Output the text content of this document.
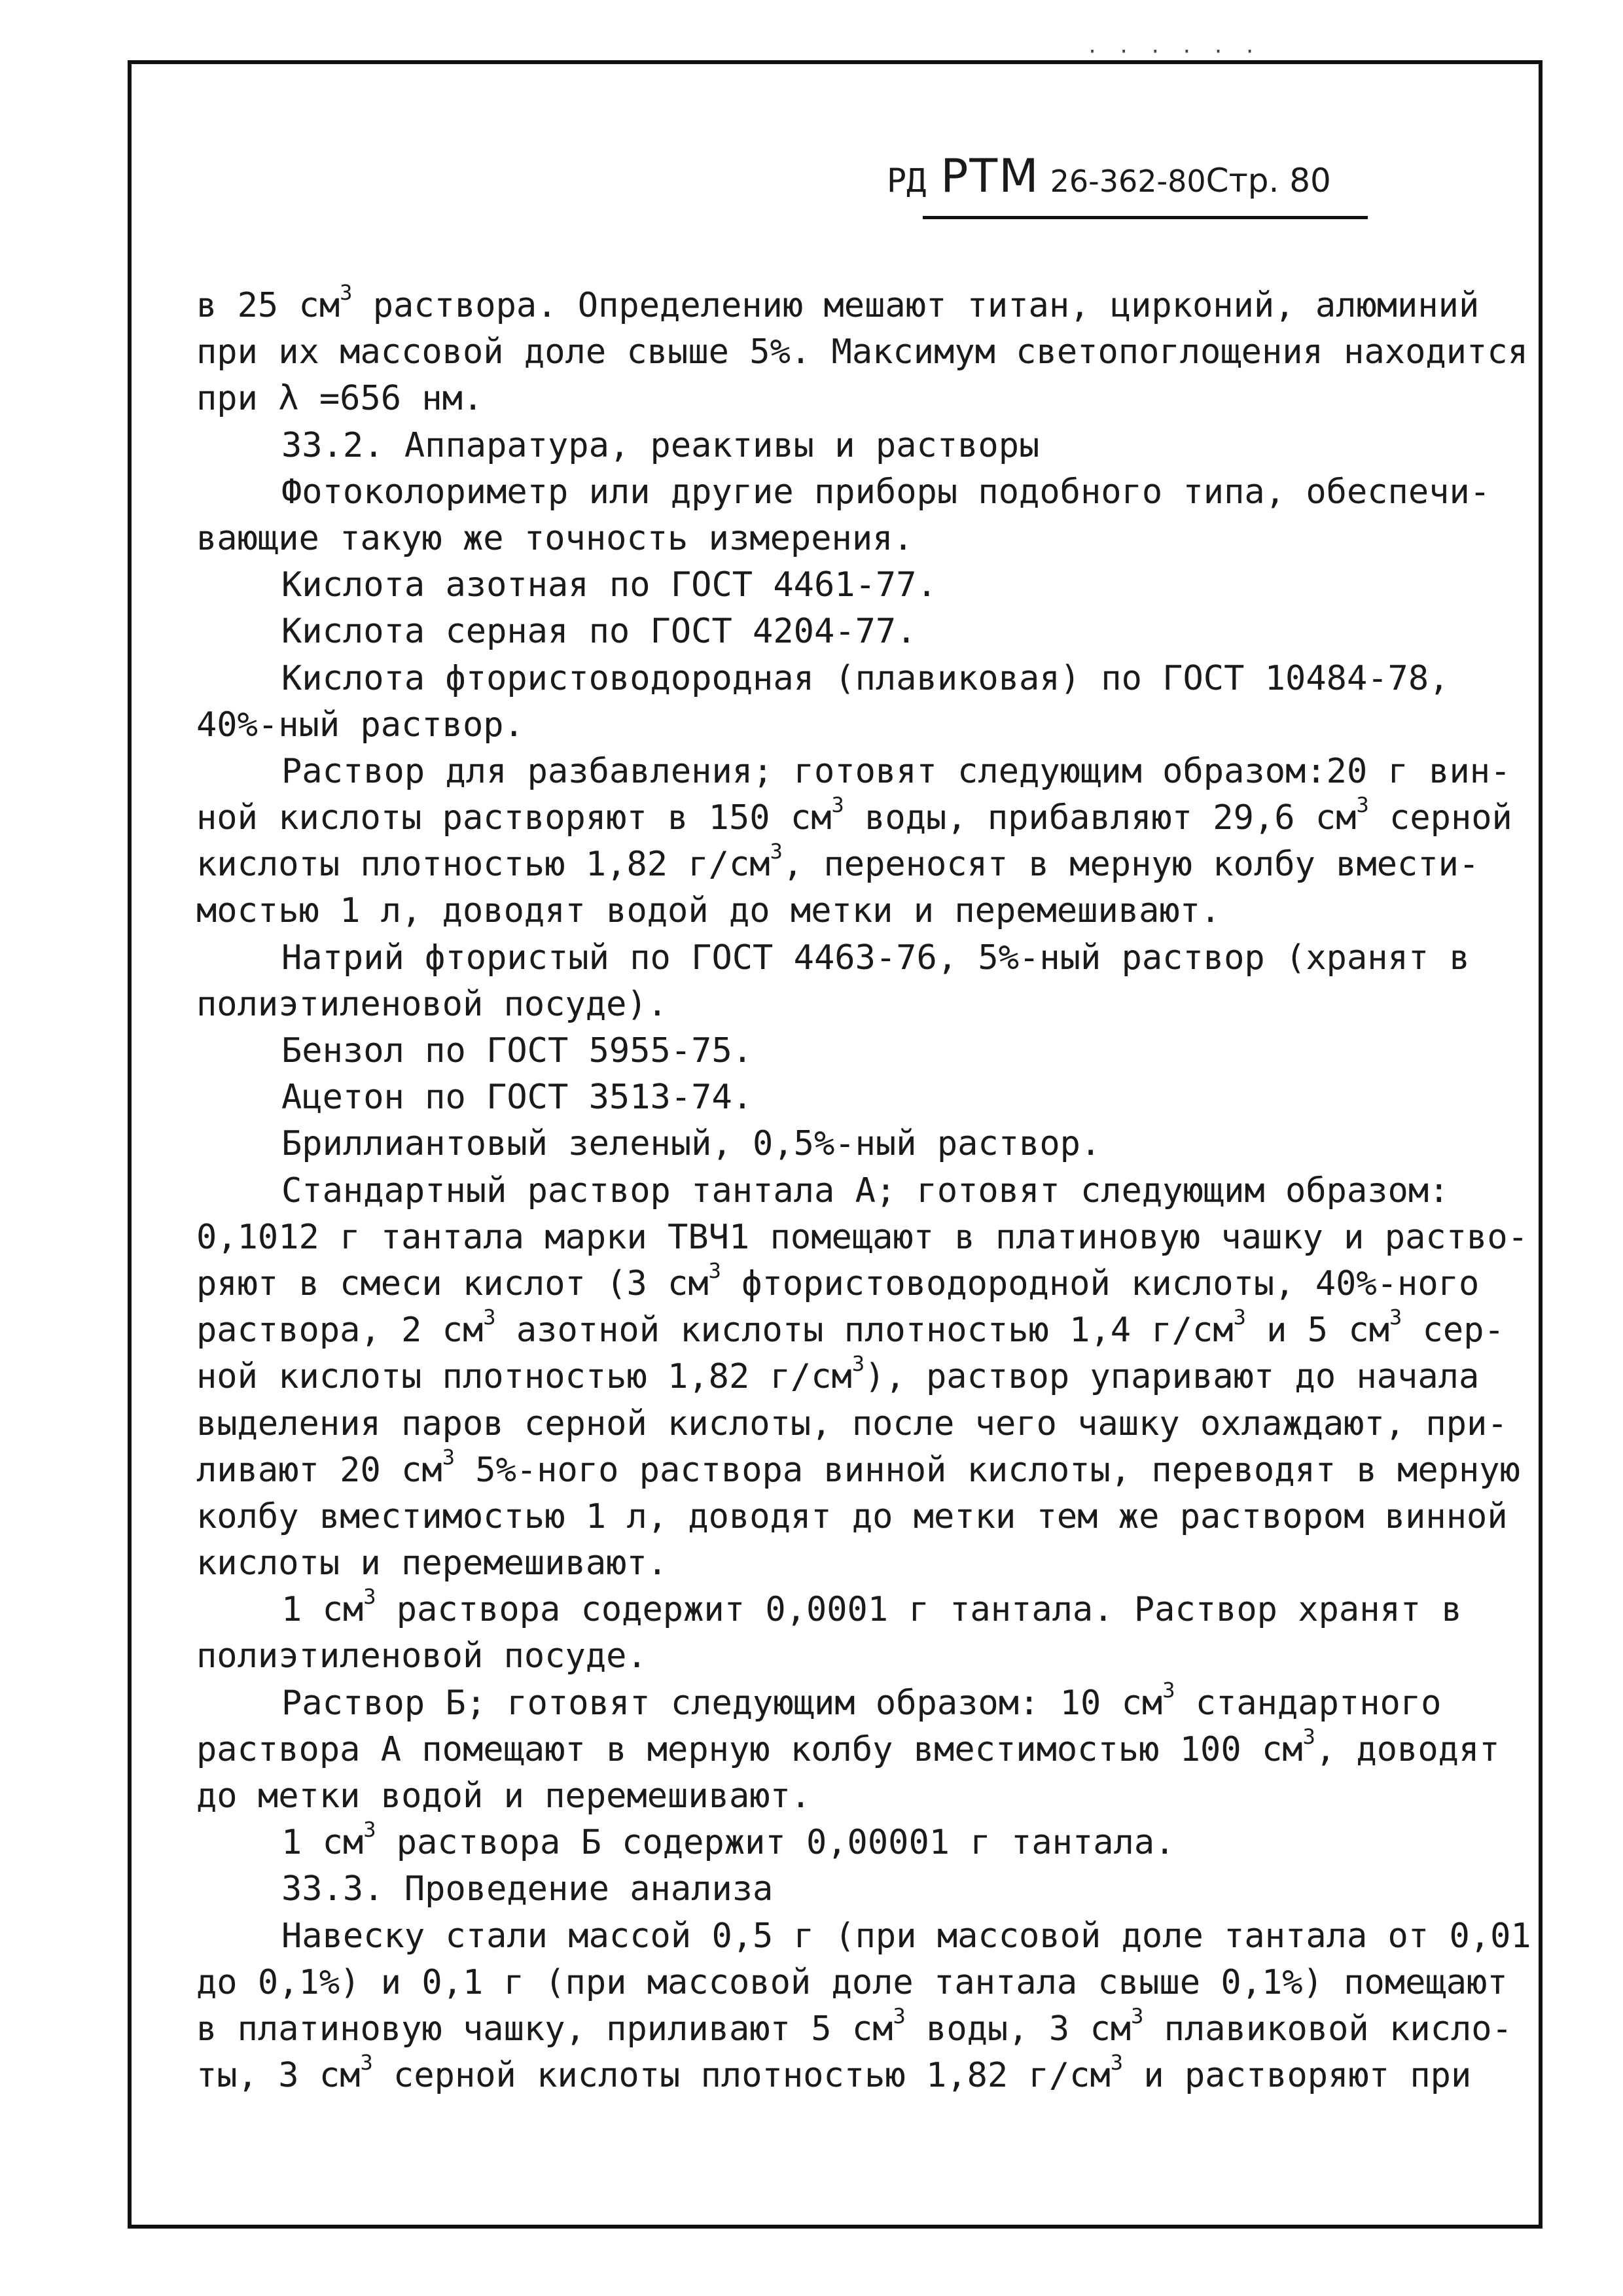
· · · · · ·
РД РТМ 26-362-80Стр. 80
в 25 $см^3$ раствора. Определению мешают титан, цирконий, алюминий
при их массовой доле свыше 5%. Максимум светопоглощения находится
при λ =656 нм.
33.2. Аппаратура, реактивы и растворы
Фотоколориметр или другие приборы подобного типа, обеспечи-
вающие такую же точность измерения.
Кислота азотная по ГОСТ 4461-77.
Кислота серная по ГОСТ 4204-77.
Кислота фтористоводородная (плавиковая) по ГОСТ 10484-78,
40%-ный раствор.
Раствор для разбавления; готовят следующим образом:20 г вин-
ной кислоты растворяют в 150 $см^3$ воды, прибавляют 29,6 $см^3$ серной
кислоты плотностью 1,82 $г/см^3$, переносят в мерную колбу вмести-
мостью 1 л, доводят водой до метки и перемешивают.
Натрий фтористый по ГОСТ 4463-76, 5%-ный раствор (хранят в
полиэтиленовой посуде).
Бензол по ГОСТ 5955-75.
Ацетон по ГОСТ 3513-74.
Бриллиантовый зеленый, 0,5%-ный раствор.
Стандартный раствор тантала А; готовят следующим образом:
0,1012 г тантала марки ТВЧ1 помещают в платиновую чашку и раство-
ряют в смеси кислот (3 $см^3$ фтористоводородной кислоты, 40%-ного
раствора, 2 $см^3$ азотной кислоты плотностью 1,4 $г/см^3$ и 5 $см^3$ сер-
ной кислоты плотностью 1,82 $г/см^3$), раствор упаривают до начала
выделения паров серной кислоты, после чего чашку охлаждают, при-
ливают 20 $см^3$ 5%-ного раствора винной кислоты, переводят в мерную
колбу вместимостью 1 л, доводят до метки тем же раствором винной
кислоты и перемешивают.
1 $см^3$ раствора содержит 0,0001 г тантала. Раствор хранят в
полиэтиленовой посуде.
Раствор Б; готовят следующим образом: 10 $см^3$ стандартного
раствора А помещают в мерную колбу вместимостью 100 $см^3$, доводят
до метки водой и перемешивают.
1 $см^3$ раствора Б содержит 0,00001 г тантала.
33.3. Проведение анализа
Навеску стали массой 0,5 г (при массовой доле тантала от 0,01
до 0,1%) и 0,1 г (при массовой доле тантала свыше 0,1%) помещают
в платиновую чашку, приливают 5 $см^3$ воды, 3 $см^3$ плавиковой кисло-
ты, 3 $см^3$ серной кислоты плотностью 1,82 $г/см^3$ и растворяют при
